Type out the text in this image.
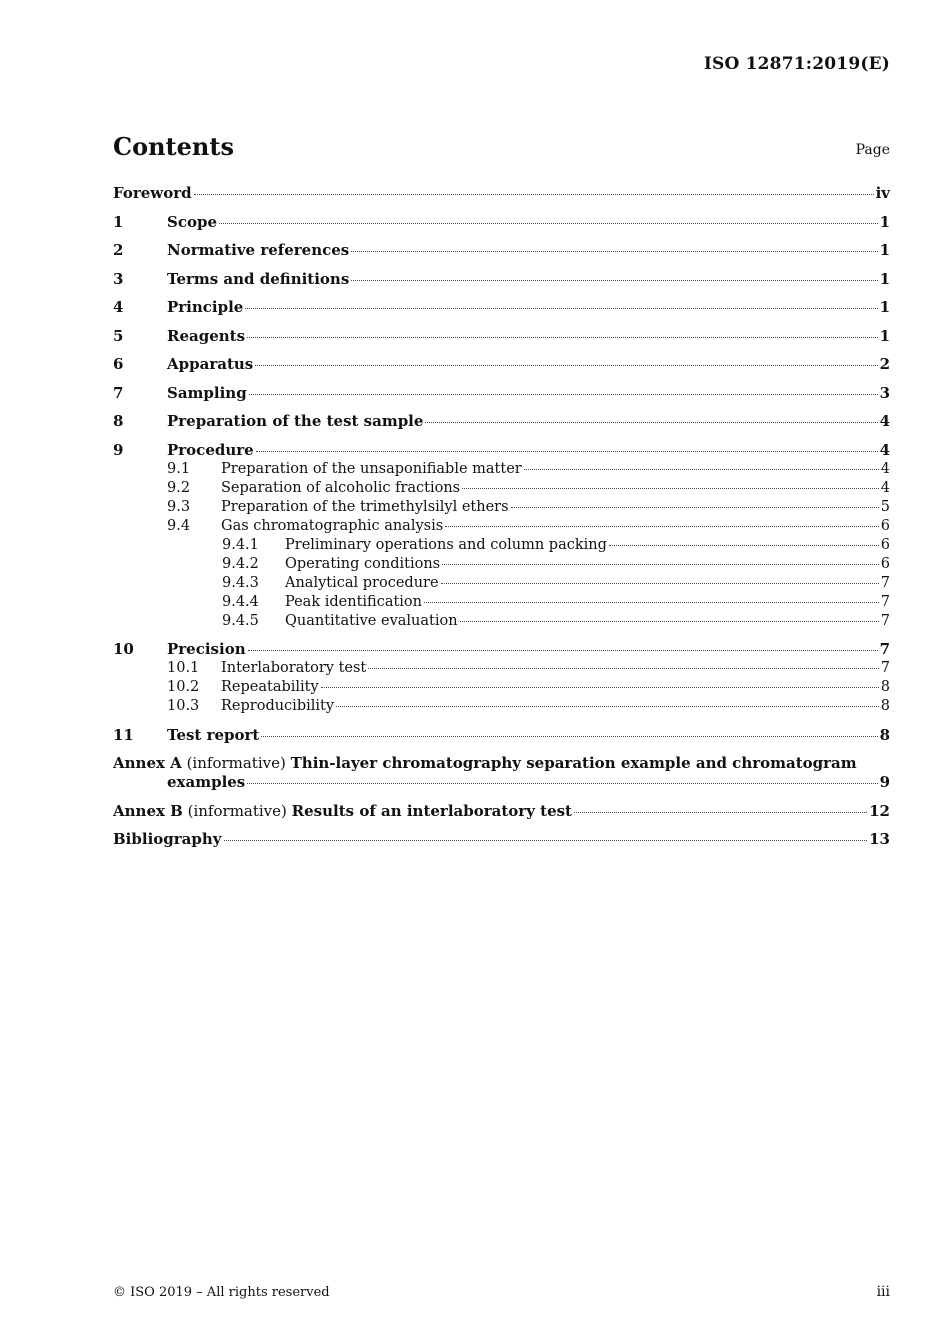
ISO 12871:2019(E)
Contents	Page
Foreword	iv
1	Scope	1
2	Normative references	1
3	Terms and definitions	1
4	Principle	1
5	Reagents	1
6	Apparatus	2
7	Sampling	3
8	Preparation of the test sample	4
9	Procedure	4
9.1	Preparation of the unsaponifiable matter	4
9.2	Separation of alcoholic fractions	4
9.3	Preparation of the trimethylsilyl ethers	5
9.4	Gas chromatographic analysis	6
9.4.1	Preliminary operations and column packing	6
9.4.2	Operating conditions	6
9.4.3	Analytical procedure	7
9.4.4	Peak identification	7
9.4.5	Quantitative evaluation	7
10	Precision	7
10.1	Interlaboratory test	7
10.2	Repeatability	8
10.3	Reproducibility	8
11	Test report	8
Annex A (informative) Thin-layer chromatography separation example and chromatogram
examples	9
Annex B (informative) Results of an interlaboratory test	12
Bibliography	13
© ISO 2019 – All rights reserved	iii
